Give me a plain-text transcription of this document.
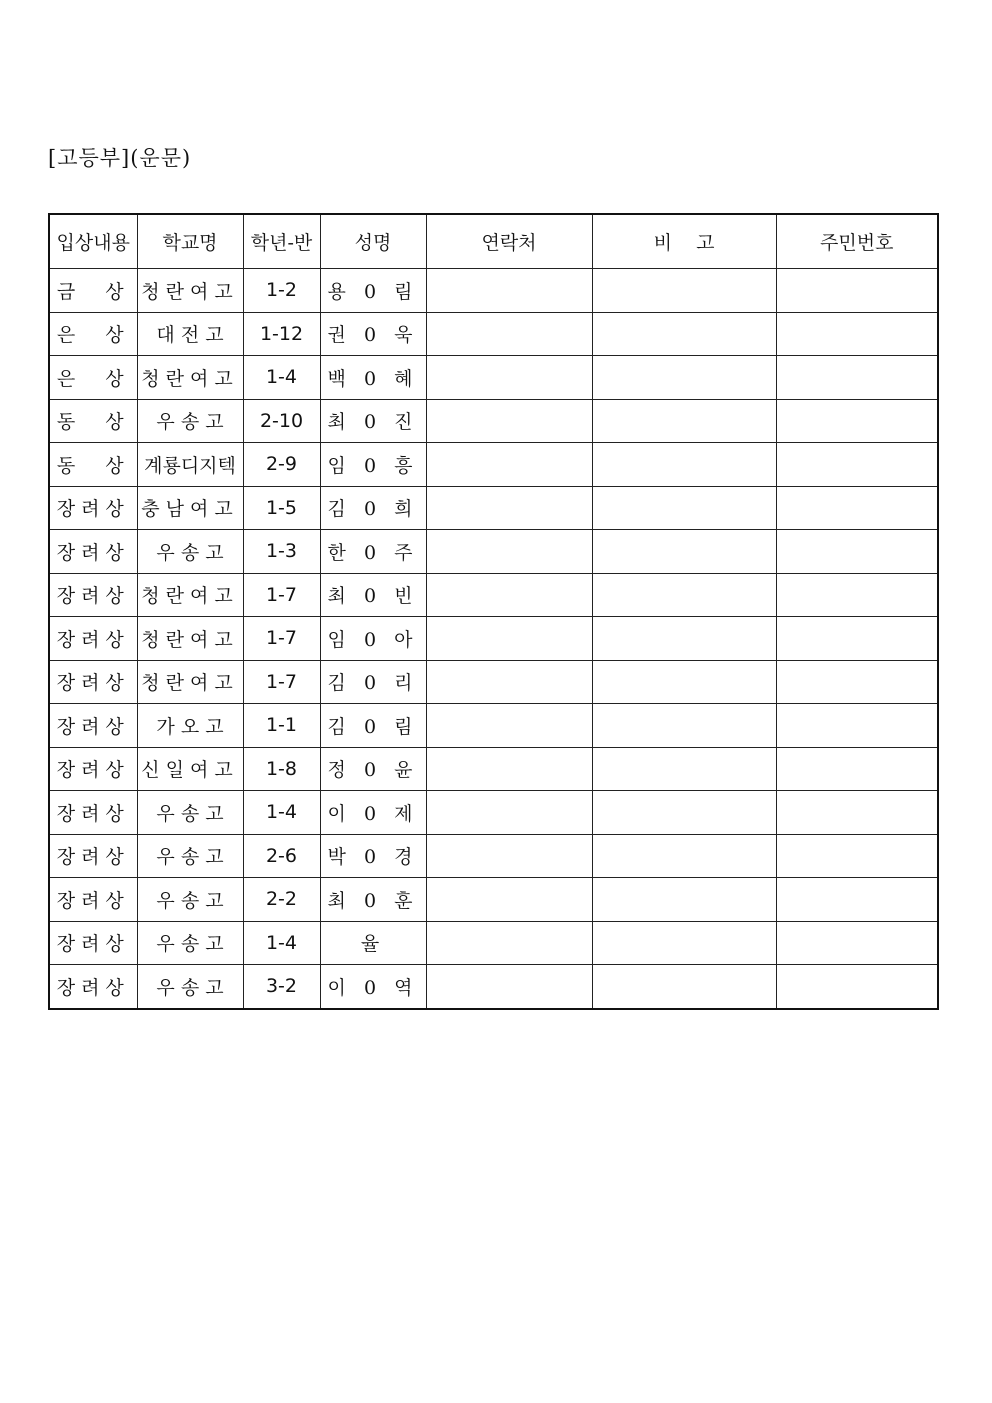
[고등부](운문)
입상내용	학교명	학년-반	성명	연락처	비    고	주민번호
금  상	청란여고	1-2	용 0 림			
은  상	대 전 고	1-12	권 0 욱			
은  상	청란여고	1-4	백 0 혜			
동  상	우 송 고	2-10	최 0 진			
동  상	계룡디지텍	2-9	임 0 흥			
장려상	충남여고	1-5	김 0 희			
장려상	우 송 고	1-3	한 0 주			
장려상	청란여고	1-7	최 0 빈			
장려상	청란여고	1-7	임 0 아			
장려상	청란여고	1-7	김 0 리			
장려상	가 오 고	1-1	김 0 림			
장려상	신일여고	1-8	정 0 윤			
장려상	우 송 고	1-4	이 0 제			
장려상	우 송 고	2-6	박 0 경			
장려상	우 송 고	2-2	최 0 훈			
장려상	우 송 고	1-4	율			
장려상	우 송 고	3-2	이 0 역			
